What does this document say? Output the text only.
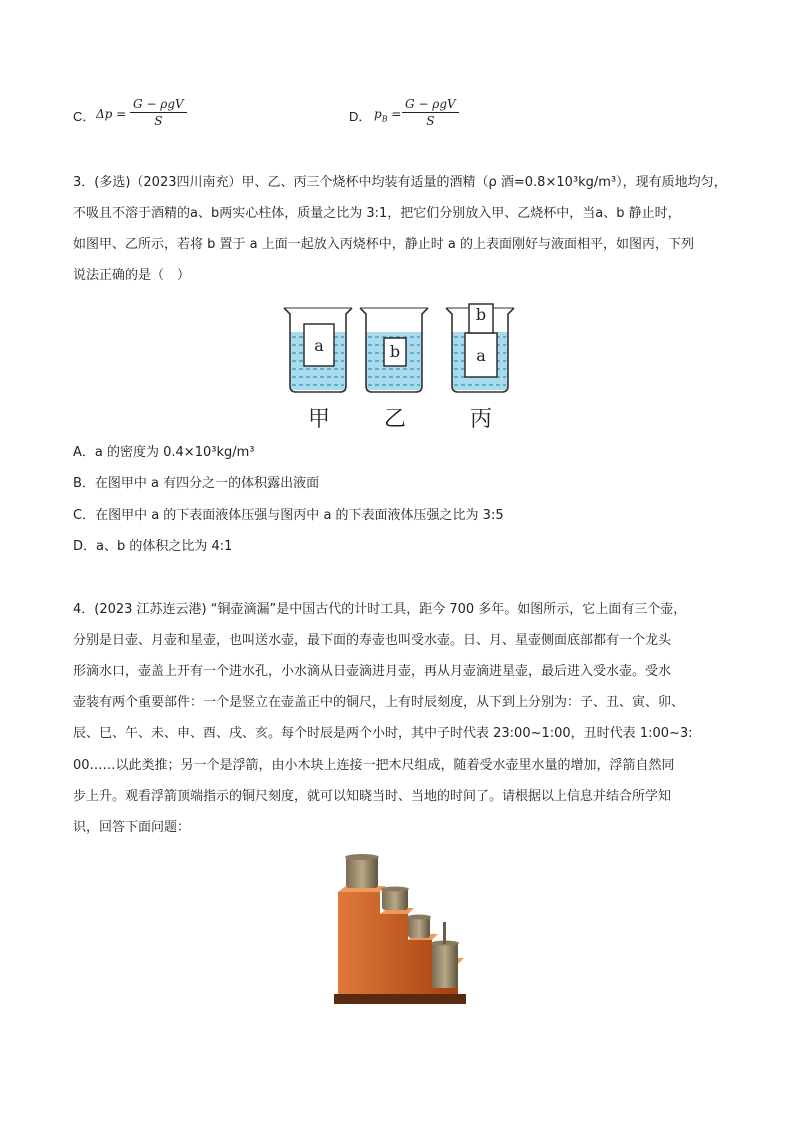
C． Δp =
G − ρgV
S	D． $p_B$ =
G − ρgV
S
3．(多选)（2023四川南充）甲、乙、丙三个烧杯中均装有适量的酒精（ρ 酒=0.8×10³kg/m³），现有质地均匀，
不吸且不溶于酒精的a、b两实心柱体，质量之比为 3:1，把它们分别放入甲、乙烧杯中，当a、b 静止时，
如图甲、乙所示，若将 b 置于 a 上面一起放入丙烧杯中，静止时 a 的上表面刚好与液面相平，如图丙，下列
说法正确的是（　）
a	b	a
b
甲 乙	丙
A．a 的密度为 0.4×10³kg/m³
B．在图甲中 a 有四分之一的体积露出液面
C．在图甲中 a 的下表面液体压强与图丙中 a 的下表面液体压强之比为 3:5
D．a、b 的体积之比为 4:1
4．(2023 江苏连云港) “铜壶滴漏”是中国古代的计时工具，距今 700 多年。如图所示，它上面有三个壶，
分别是日壶、月壶和星壶，也叫送水壶，最下面的寿壶也叫受水壶。日、月、星壶侧面底部都有一个龙头
形滴水口，壶盖上开有一个进水孔，小水滴从日壶滴进月壶，再从月壶滴进星壶，最后进入受水壶。受水
壶装有两个重要部件：一个是竖立在壶盖正中的铜尺，上有时辰刻度，从下到上分别为：子、丑、寅、卯、
辰、巳、午、未、申、酉、戌、亥。每个时辰是两个小时，其中子时代表 23:00~1:00，丑时代表 1:00~3:
00……以此类推；另一个是浮箭，由小木块上连接一把木尺组成，随着受水壶里水量的增加，浮箭自然同
步上升。观看浮箭顶端指示的铜尺刻度，就可以知晓当时、当地的时间了。请根据以上信息并结合所学知
识，回答下面问题：
